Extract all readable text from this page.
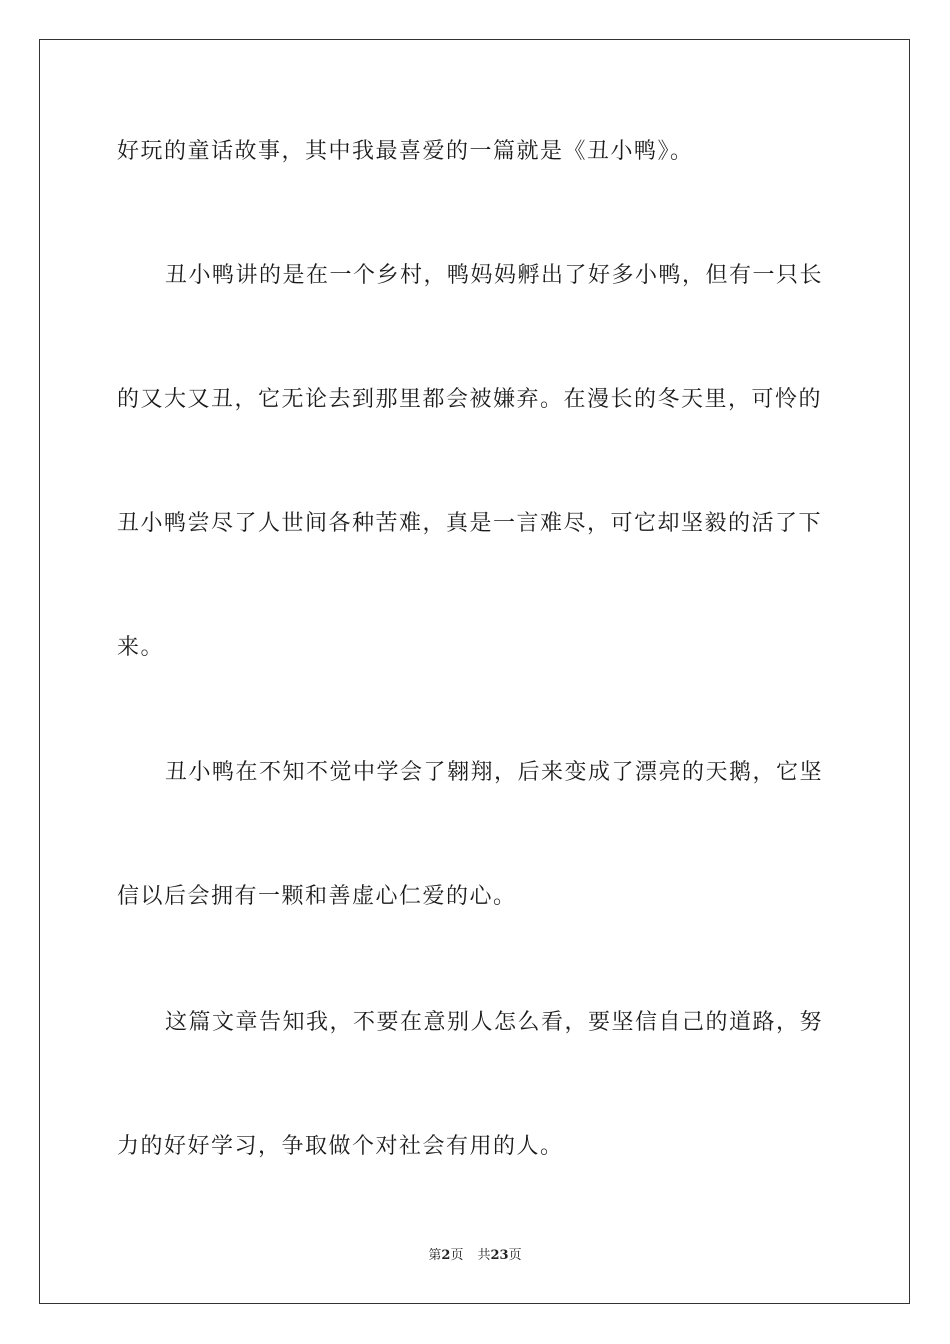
好玩的童话故事，其中我最喜爱的一篇就是《丑小鸭》。
丑小鸭讲的是在一个乡村，鸭妈妈孵出了好多小鸭，但有一只长
的又大又丑，它无论去到那里都会被嫌弃。在漫长的冬天里，可怜的
丑小鸭尝尽了人世间各种苦难，真是一言难尽，可它却坚毅的活了下
来。
丑小鸭在不知不觉中学会了翱翔，后来变成了漂亮的天鹅，它坚
信以后会拥有一颗和善虚心仁爱的心。
这篇文章告知我，不要在意别人怎么看，要坚信自己的道路，努
力的好好学习，争取做个对社会有用的人。
第2页 共23页
